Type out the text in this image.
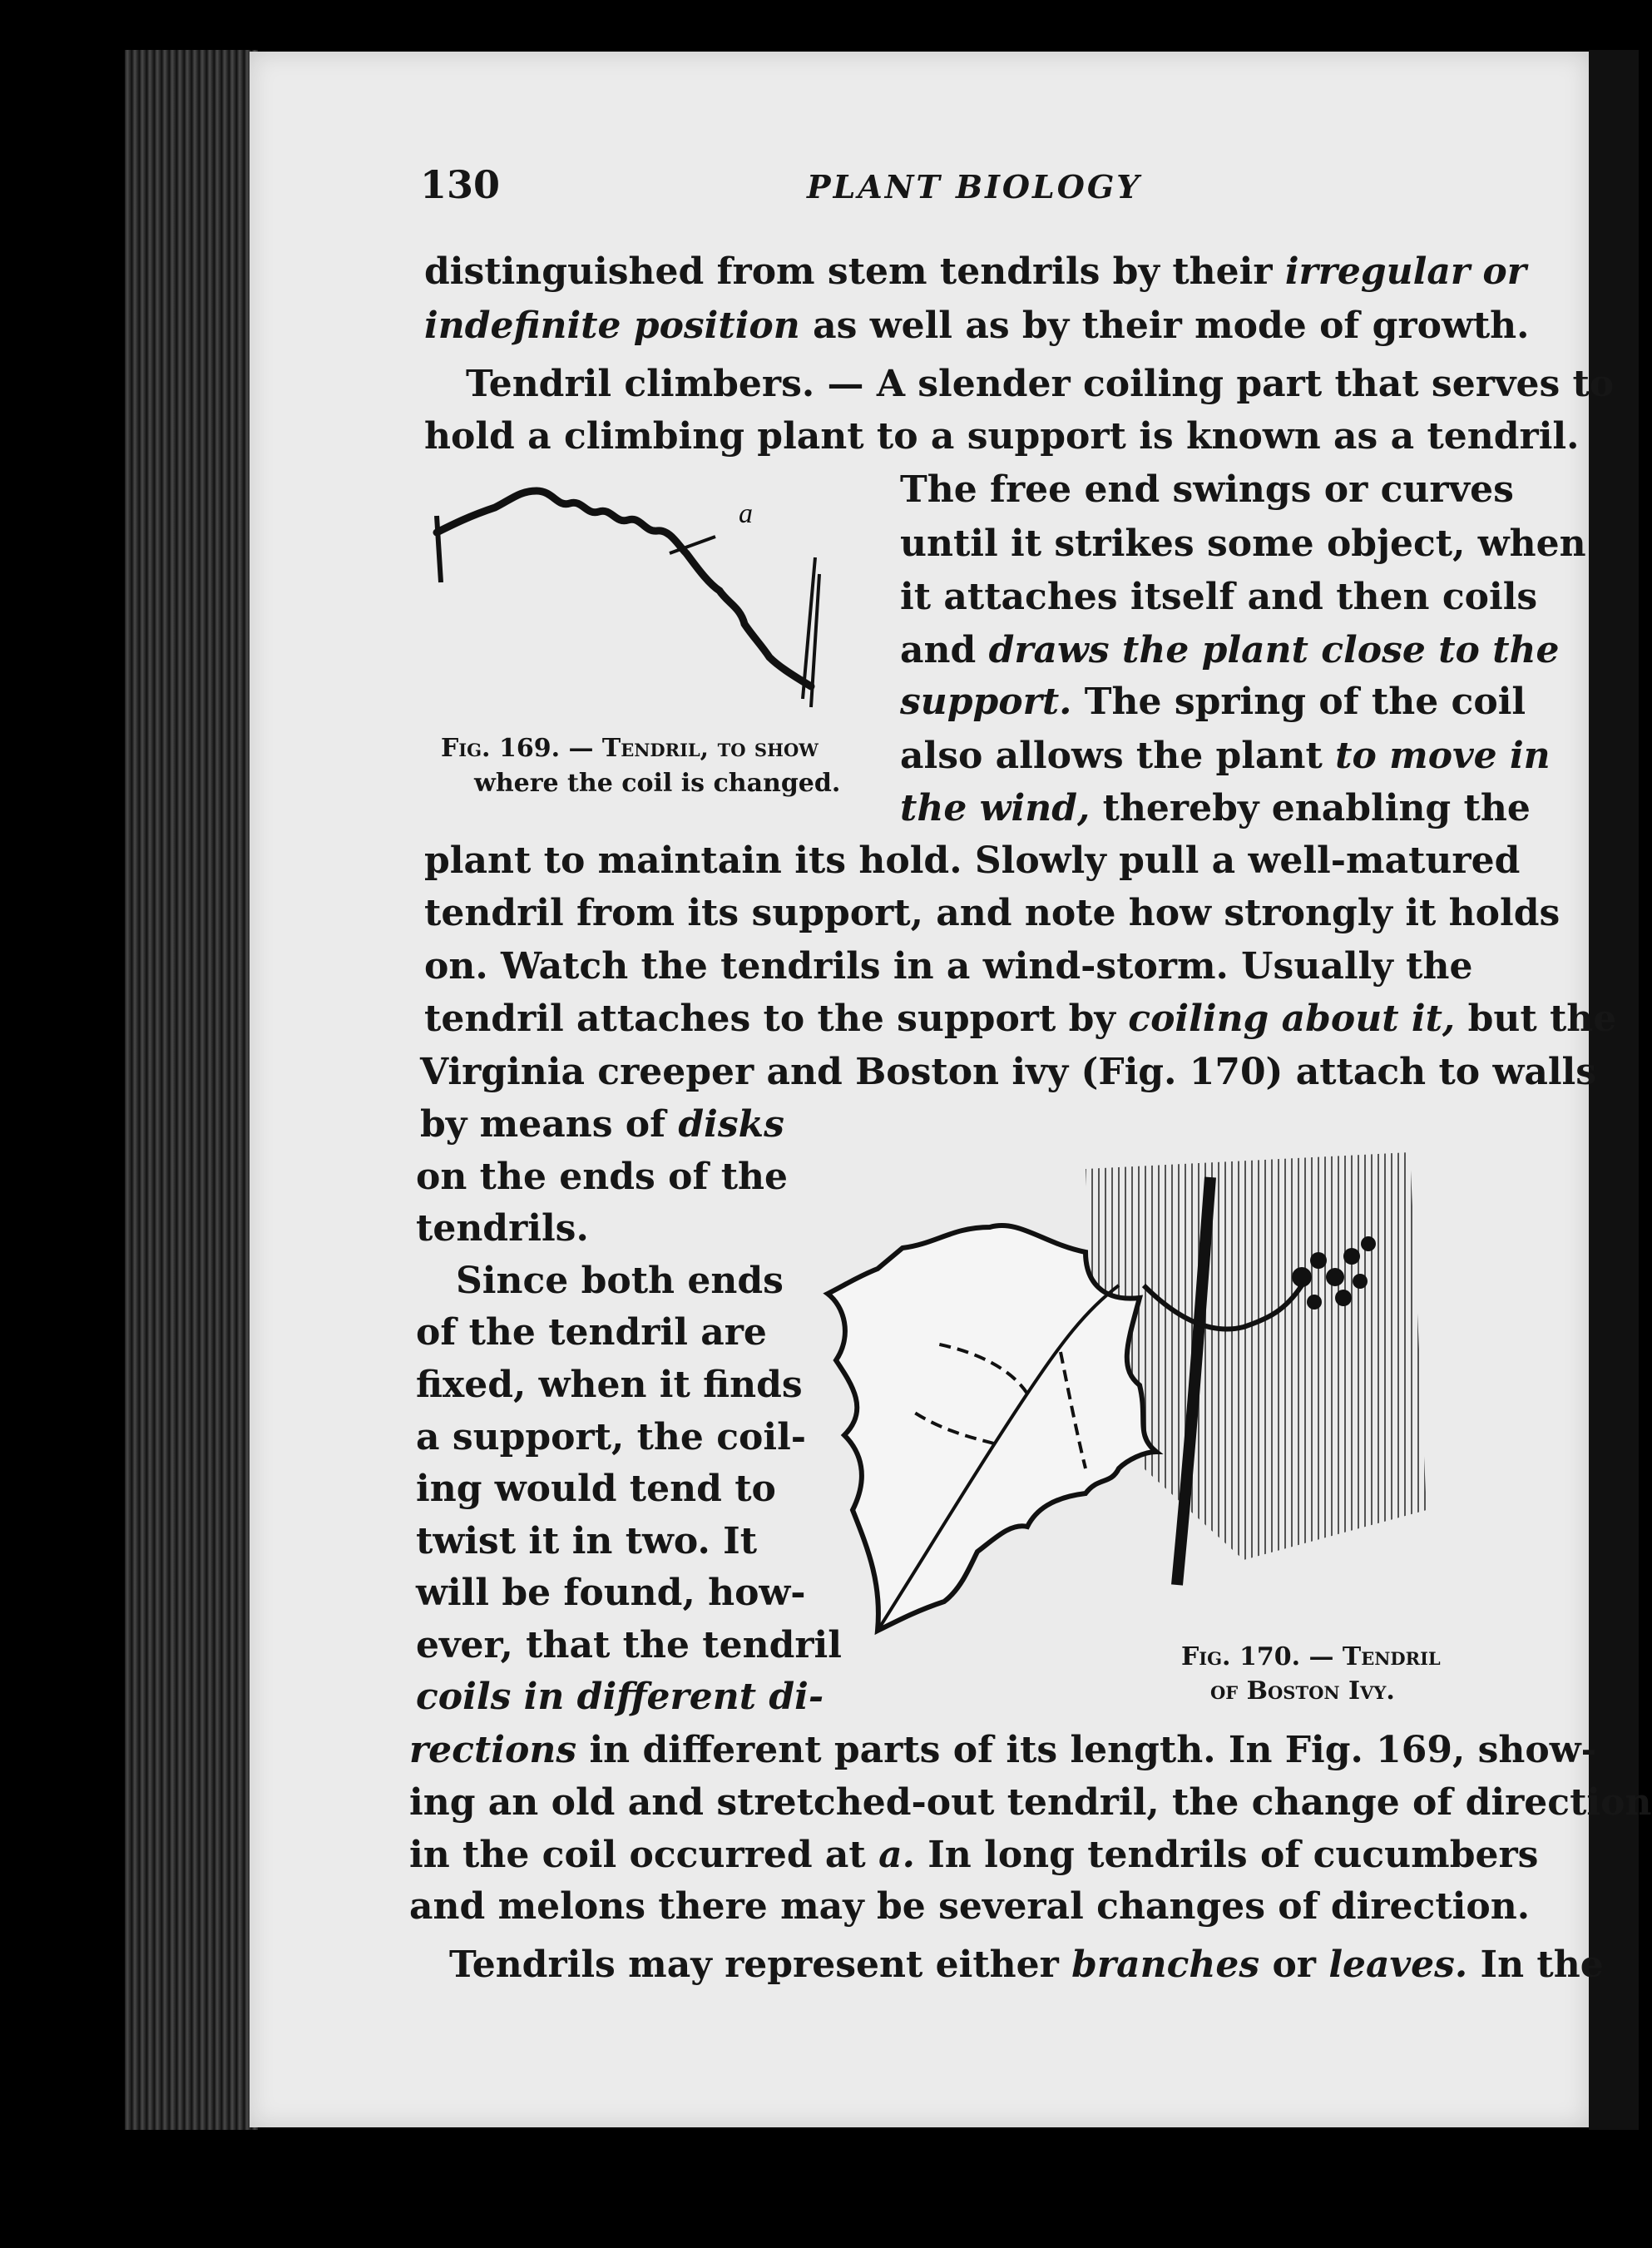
130	PLANT BIOLOGY
distinguished from stem tendrils by their irregular or
indefinite position as well as by their mode of growth.
Tendril climbers. — A slender coiling part that serves to
hold a climbing plant to a support is known as a tendril.
The free end swings or curves
until it strikes some object, when
it attaches itself and then coils
and draws the plant close to the
support. The spring of the coil
also allows the plant to move in
the wind, thereby enabling the
a
Fig. 169. — Tendril, to show
where the coil is changed.
plant to maintain its hold. Slowly pull a well-matured
tendril from its support, and note how strongly it holds
on. Watch the tendrils in a wind-storm. Usually the
tendril attaches to the support by coiling about it, but the
Virginia creeper and Boston ivy (Fig. 170) attach to walls
by means of disks
on the ends of the
tendrils.
Since both ends
of the tendril are
fixed, when it finds
a support, the coil-
ing would tend to
twist it in two. It
will be found, how-
ever, that the tendril
coils in different di-
Fig. 170. — Tendril
of Boston Ivy.
rections in different parts of its length. In Fig. 169, show-
ing an old and stretched-out tendril, the change of direction
in the coil occurred at a. In long tendrils of cucumbers
and melons there may be several changes of direction.
Tendrils may represent either branches or leaves. In the
